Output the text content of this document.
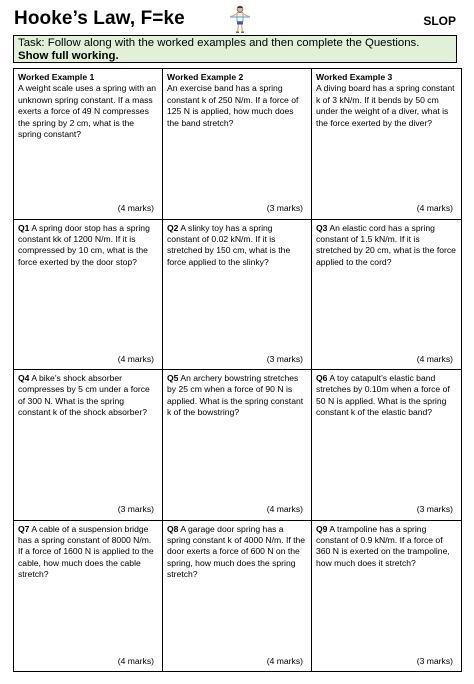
Hooke’s Law, F=ke	SLOP
Task: Follow along with the worked examples and then complete the Questions. Show full working.
Worked Example 1
A weight scale uses a spring with an unknown spring constant. If a mass exerts a force of 49 N compresses the spring by 2 cm, what is the spring constant?
(4 marks)
Worked Example 2
An exercise band has a spring constant k of 250 N/m. If a force of 125 N is applied, how much does the band stretch?
(3 marks)
Worked Example 3
A diving board has a spring constant k of 3 kN/m. If it bends by 50 cm under the weight of a diver, what is the force exerted by the diver?
(4 marks)
Q1 A spring door stop has a spring constant kk of 1200 N/m. If it is compressed by 10 cm, what is the force exerted by the door stop?
(4 marks)
Q2 A slinky toy has a spring constant of 0.02 kN/m. If it is stretched by 150 cm, what is the force applied to the slinky?
(3 marks)
Q3 An elastic cord has a spring constant of 1.5 kN/m. If it is stretched by 20 cm, what is the force applied to the cord?
(4 marks)
Q4 A bike’s shock absorber compresses by 5 cm under a force of 300 N. What is the spring constant k of the shock absorber?
(3 marks)
Q5 An archery bowstring stretches by 25 cm when a force of 90 N is applied. What is the spring constant k of the bowstring?
(4 marks)
Q6 A toy catapult’s elastic band stretches by 0.10m when a force of 50 N is applied. What is the spring constant k of the elastic band?
(3 marks)
Q7 A cable of a suspension bridge has a spring constant of 8000 N/m. If a force of 1600 N is applied to the cable, how much does the cable stretch?
(4 marks)
Q8 A garage door spring has a spring constant k of 4000 N/m. If the door exerts a force of 600 N on the spring, how much does the spring stretch?
(4 marks)
Q9 A trampoline has a spring constant of 0.9 kN/m. If a force of 360 N is exerted on the trampoline, how much does it stretch?
(3 marks)
